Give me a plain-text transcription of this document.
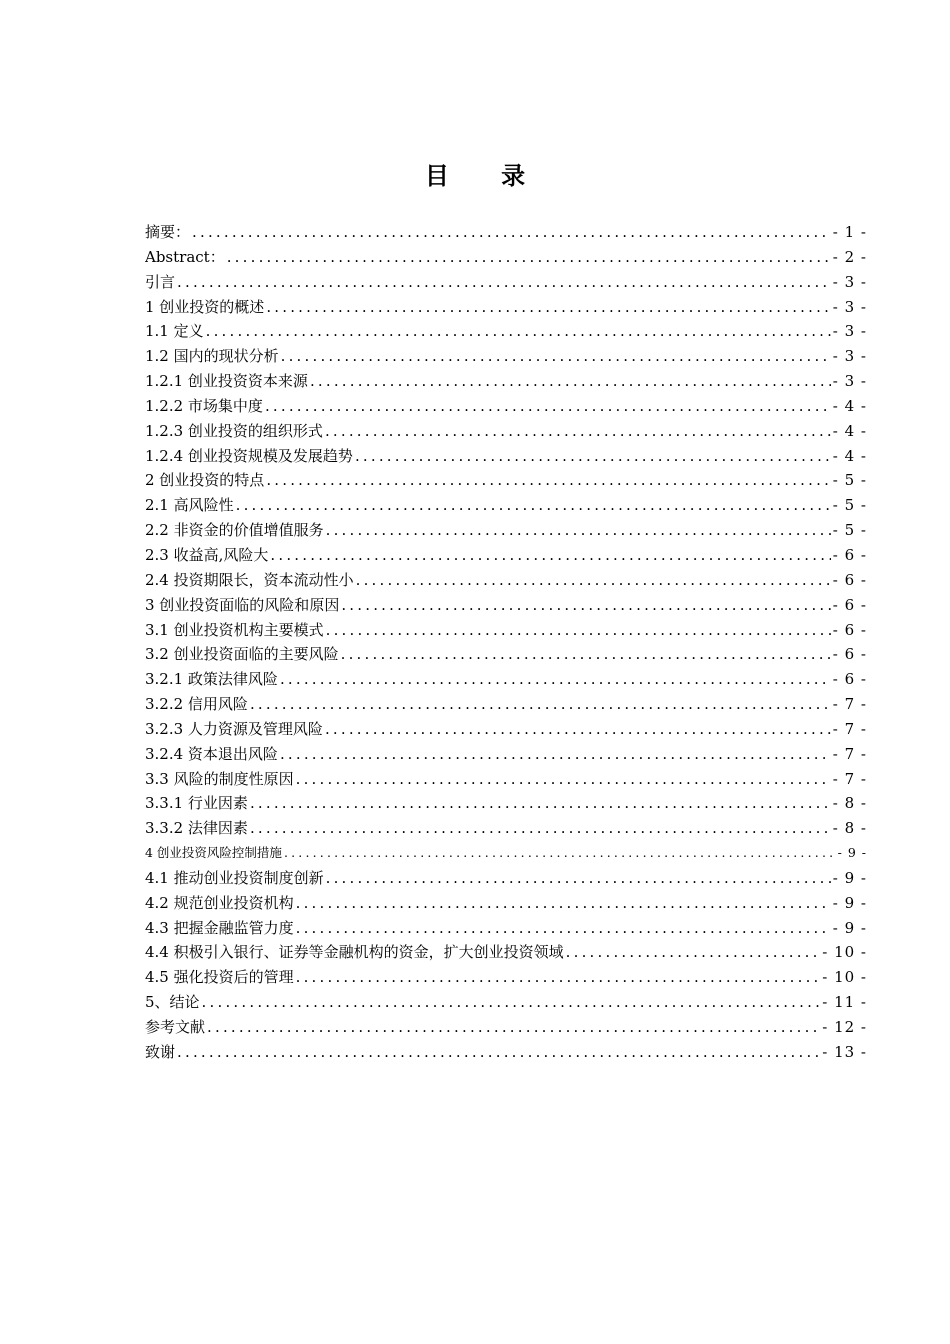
目 录
摘要： .....	- 1 -
Abstract： .....	- 2 -
引言 .....	- 3 -
1 创业投资的概述 .....	- 3 -
1.1 定义 .....	- 3 -
1.2 国内的现状分析 .....	- 3 -
1.2.1 创业投资资本来源 .....	- 3 -
1.2.2 市场集中度 .....	- 4 -
1.2.3 创业投资的组织形式 .....	- 4 -
1.2.4 创业投资规模及发展趋势 .....	- 4 -
2 创业投资的特点 .....	- 5 -
2.1 高风险性 .....	- 5 -
2.2 非资金的价值增值服务 .....	- 5 -
2.3 收益高,风险大 .....	- 6 -
2.4 投资期限长，资本流动性小 .....	- 6 -
3 创业投资面临的风险和原因 .....	- 6 -
3.1 创业投资机构主要模式 .....	- 6 -
3.2 创业投资面临的主要风险 .....	- 6 -
3.2.1 政策法律风险 .....	- 6 -
3.2.2 信用风险 .....	- 7 -
3.2.3 人力资源及管理风险 .....	- 7 -
3.2.4 资本退出风险 .....	- 7 -
3.3 风险的制度性原因 .....	- 7 -
3.3.1 行业因素 .....	- 8 -
3.3.2 法律因素 .....	- 8 -
4 创业投资风险控制措施 .....	- 9 -
4.1 推动创业投资制度创新 .....	- 9 -
4.2 规范创业投资机构 .....	- 9 -
4.3 把握金融监管力度 .....	- 9 -
4.4 积极引入银行、证券等金融机构的资金，扩大创业投资领域 .....	- 10 -
4.5 强化投资后的管理 .....	- 10 -
5、结论 .....	- 11 -
参考文献 .....	- 12 -
致谢 .....	- 13 -
